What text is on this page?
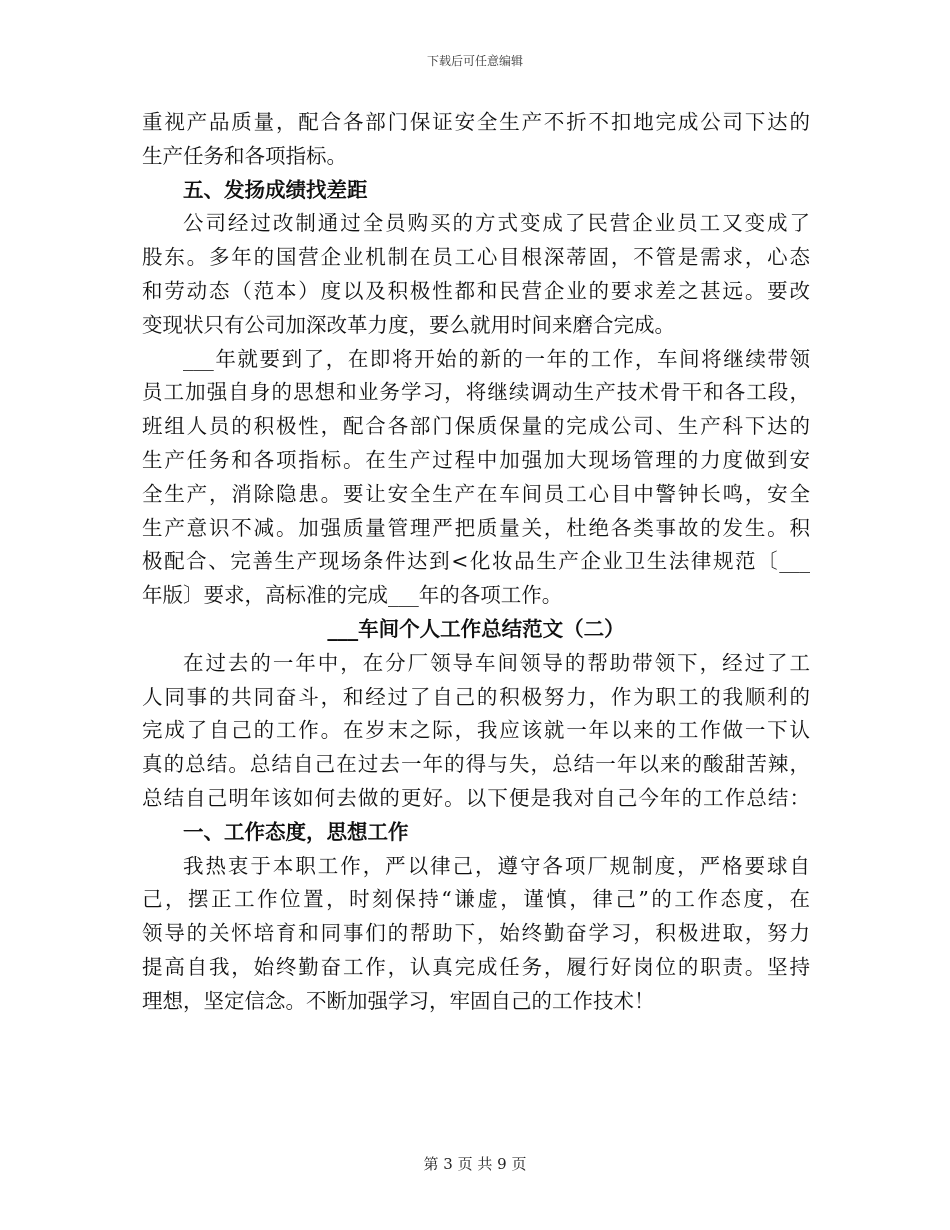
下载后可任意编辑
重视产品质量，配合各部门保证安全生产不折不扣地完成公司下达的
生产任务和各项指标。
五、发扬成绩找差距
公司经过改制通过全员购买的方式变成了民营企业员工又变成了
股东。多年的国营企业机制在员工心目根深蒂固，不管是需求，心态
和劳动态（范本）度以及积极性都和民营企业的要求差之甚远。要改
变现状只有公司加深改革力度，要么就用时间来磨合完成。
___年就要到了，在即将开始的新的一年的工作，车间将继续带领
员工加强自身的思想和业务学习，将继续调动生产技术骨干和各工段，
班组人员的积极性，配合各部门保质保量的完成公司、生产科下达的
生产任务和各项指标。在生产过程中加强加大现场管理的力度做到安
全生产，消除隐患。要让安全生产在车间员工心目中警钟长鸣，安全
生产意识不减。加强质量管理严把质量关，杜绝各类事故的发生。积
极配合、完善生产现场条件达到<化妆品生产企业卫生法律规范〔___
年版〕要求，高标准的完成___年的各项工作。
___车间个人工作总结范文（二）
在过去的一年中，在分厂领导车间领导的帮助带领下，经过了工
人同事的共同奋斗，和经过了自己的积极努力，作为职工的我顺利的
完成了自己的工作。在岁末之际，我应该就一年以来的工作做一下认
真的总结。总结自己在过去一年的得与失，总结一年以来的酸甜苦辣，
总结自己明年该如何去做的更好。以下便是我对自己今年的工作总结：
一、工作态度，思想工作
我热衷于本职工作，严以律己，遵守各项厂规制度，严格要球自
己，摆正工作位置，时刻保持“谦虚，谨慎，律己”的工作态度，在
领导的关怀培育和同事们的帮助下，始终勤奋学习，积极进取，努力
提高自我，始终勤奋工作，认真完成任务，履行好岗位的职责。坚持
理想，坚定信念。不断加强学习，牢固自己的工作技术！
第 3 页 共 9 页
